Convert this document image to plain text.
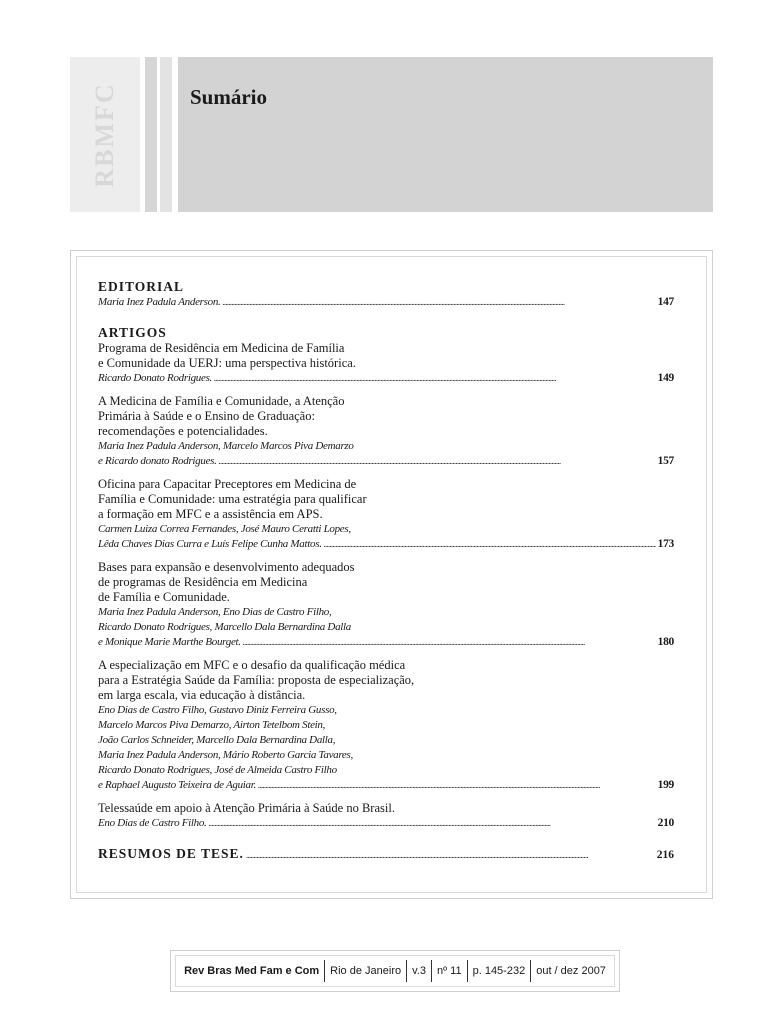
RBMFC	Sumário
EDITORIAL
Maria Inez Padula Anderson. . . .	147
ARTIGOS
Programa de Residência em Medicina de Família
e Comunidade da UERJ: uma perspectiva histórica.
Ricardo Donato Rodrigues. . . .	149
A Medicina de Família e Comunidade, a Atenção
Primária à Saúde e o Ensino de Graduação:
recomendações e potencialidades.
Maria Inez Padula Anderson, Marcelo Marcos Piva Demarzo
e Ricardo donato Rodrigues. . . .	157
Oficina para Capacitar Preceptores em Medicina de
Família e Comunidade: uma estratégia para qualificar
a formação em MFC e a assistência em APS.
Carmen Luiza Correa Fernandes, José Mauro Ceratti Lopes,
Lêda Chaves Dias Curra e Luís Felipe Cunha Mattos. . . .	173
Bases para expansão e desenvolvimento adequados
de programas de Residência em Medicina
de Família e Comunidade.
Maria Inez Padula Anderson, Eno Dias de Castro Filho,
Ricardo Donato Rodrigues, Marcello Dala Bernardina Dalla
e Monique Marie Marthe Bourget. . . .	180
A especialização em MFC e o desafio da qualificação médica
para a Estratégia Saúde da Família: proposta de especialização,
em larga escala, via educação à distância.
Eno Dias de Castro Filho, Gustavo Diniz Ferreira Gusso,
Marcelo Marcos Piva Demarzo, Airton Tetelbom Stein,
João Carlos Schneider, Marcello Dala Bernardina Dalla,
Maria Inez Padula Anderson, Mário Roberto Garcia Tavares,
Ricardo Donato Rodrigues, José de Almeida Castro Filho
e Raphael Augusto Teixeira de Aguiar. . . .	199
Telessaúde em apoio à Atenção Primária à Saúde no Brasil.
Eno Dias de Castro Filho. . . .	210
RESUMOS DE TESE. . . .	216
Rev Bras Med Fam e Com	Rio de Janeiro	v.3	nº 11	p. 145-232	out / dez 2007
